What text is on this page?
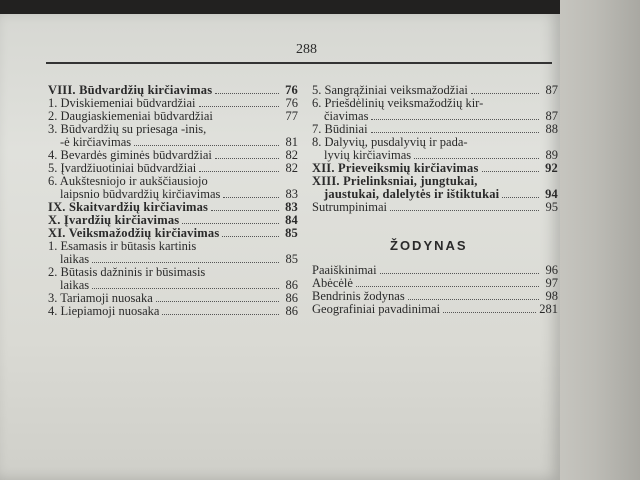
288
VIII. Būdvardžių kirčiavimas	76
1. Dviskiemeniai būdvardžiai	76
2. Daugiaskiemeniai būdvardžiai	77
3. Būdvardžių su priesaga -inis,
-ė kirčiavimas	81
4. Bevardės giminės būdvardžiai	82
5. Įvardžiuotiniai būdvardžiai	82
6. Aukštesniojo ir aukščiausiojo
laipsnio būdvardžių kirčiavimas	83
IX. Skaitvardžių kirčiavimas	83
X. Įvardžių kirčiavimas	84
XI. Veiksmažodžių kirčiavimas	85
1. Esamasis ir būtasis kartinis
laikas	85
2. Būtasis dažninis ir būsimasis
laikas	86
3. Tariamoji nuosaka	86
4. Liepiamoji nuosaka	86
5. Sangrąžiniai veiksmažodžiai	87
6. Priešdėlinių veiksmažodžių kir-
čiavimas	87
7. Būdiniai	88
8. Dalyvių, pusdalyvių ir pada-
lyvių kirčiavimas	89
XII. Prieveiksmių kirčiavimas	92
XIII. Prielinksniai, jungtukai,
jaustukai, dalelytės ir ištiktukai	94
Sutrumpinimai	95
ŽODYNAS
Paaiškinimai	96
Abėcėlė	97
Bendrinis žodynas	98
Geografiniai pavadinimai	281
